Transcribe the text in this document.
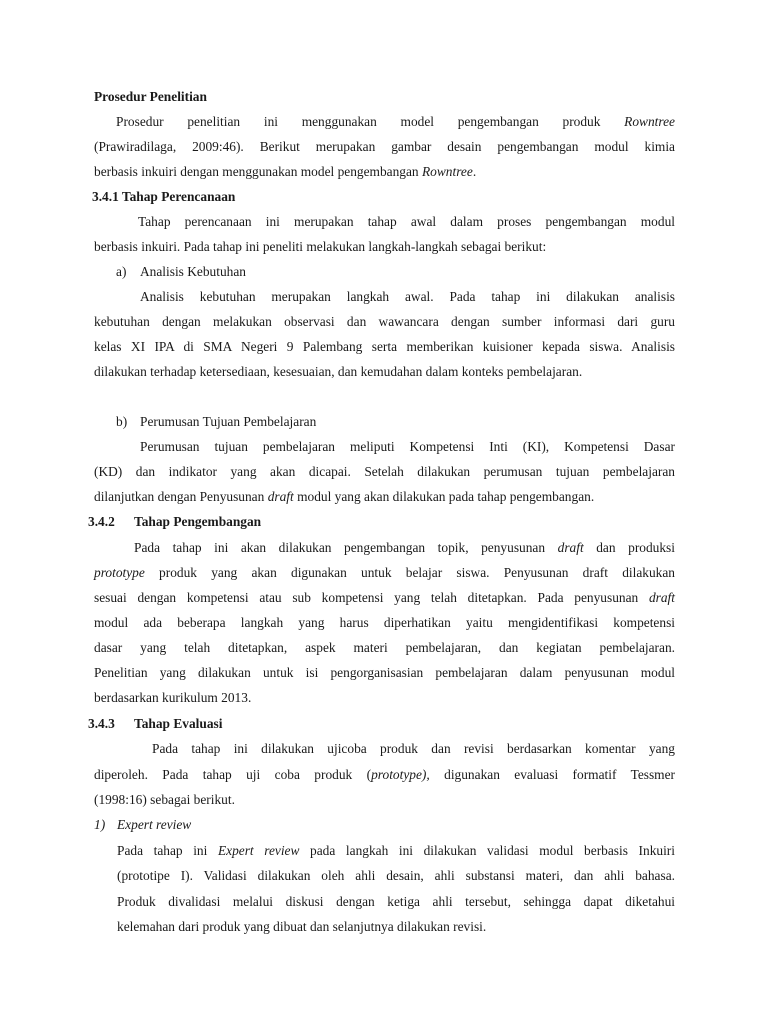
Prosedur Penelitian
Prosedur penelitian ini menggunakan model pengembangan produk Rowntree
(Prawiradilaga, 2009:46). Berikut merupakan gambar desain pengembangan modul kimia
berbasis inkuiri dengan menggunakan model pengembangan Rowntree.
3.4.1 Tahap Perencanaan
Tahap perencanaan ini merupakan tahap awal dalam proses pengembangan modul
berbasis inkuiri. Pada tahap ini peneliti melakukan langkah-langkah sebagai berikut:
a) Analisis Kebutuhan
Analisis kebutuhan merupakan langkah awal. Pada tahap ini dilakukan analisis
kebutuhan dengan melakukan observasi dan wawancara dengan sumber informasi dari guru
kelas XI IPA di SMA Negeri 9 Palembang serta memberikan kuisioner kepada siswa. Analisis
dilakukan terhadap ketersediaan, kesesuaian, dan kemudahan dalam konteks pembelajaran.
b) Perumusan Tujuan Pembelajaran
Perumusan tujuan pembelajaran meliputi Kompetensi Inti (KI), Kompetensi Dasar
(KD) dan indikator yang akan dicapai. Setelah dilakukan perumusan tujuan pembelajaran
dilanjutkan dengan Penyusunan draft modul yang akan dilakukan pada tahap pengembangan.
3.4.2 Tahap Pengembangan
Pada tahap ini akan dilakukan pengembangan topik, penyusunan draft dan produksi
prototype produk yang akan digunakan untuk belajar siswa. Penyusunan draft dilakukan
sesuai dengan kompetensi atau sub kompetensi yang telah ditetapkan. Pada penyusunan draft
modul ada beberapa langkah yang harus diperhatikan yaitu mengidentifikasi kompetensi
dasar yang telah ditetapkan, aspek materi pembelajaran, dan kegiatan pembelajaran.
Penelitian yang dilakukan untuk isi pengorganisasian pembelajaran dalam penyusunan modul
berdasarkan kurikulum 2013.
3.4.3 Tahap Evaluasi
Pada tahap ini dilakukan ujicoba produk dan revisi berdasarkan komentar yang
diperoleh. Pada tahap uji coba produk (prototype), digunakan evaluasi formatif Tessmer
(1998:16) sebagai berikut.
1) Expert review
Pada tahap ini Expert review pada langkah ini dilakukan validasi modul berbasis Inkuiri
(prototipe I). Validasi dilakukan oleh ahli desain, ahli substansi materi, dan ahli bahasa.
Produk divalidasi melalui diskusi dengan ketiga ahli tersebut, sehingga dapat diketahui
kelemahan dari produk yang dibuat dan selanjutnya dilakukan revisi.
